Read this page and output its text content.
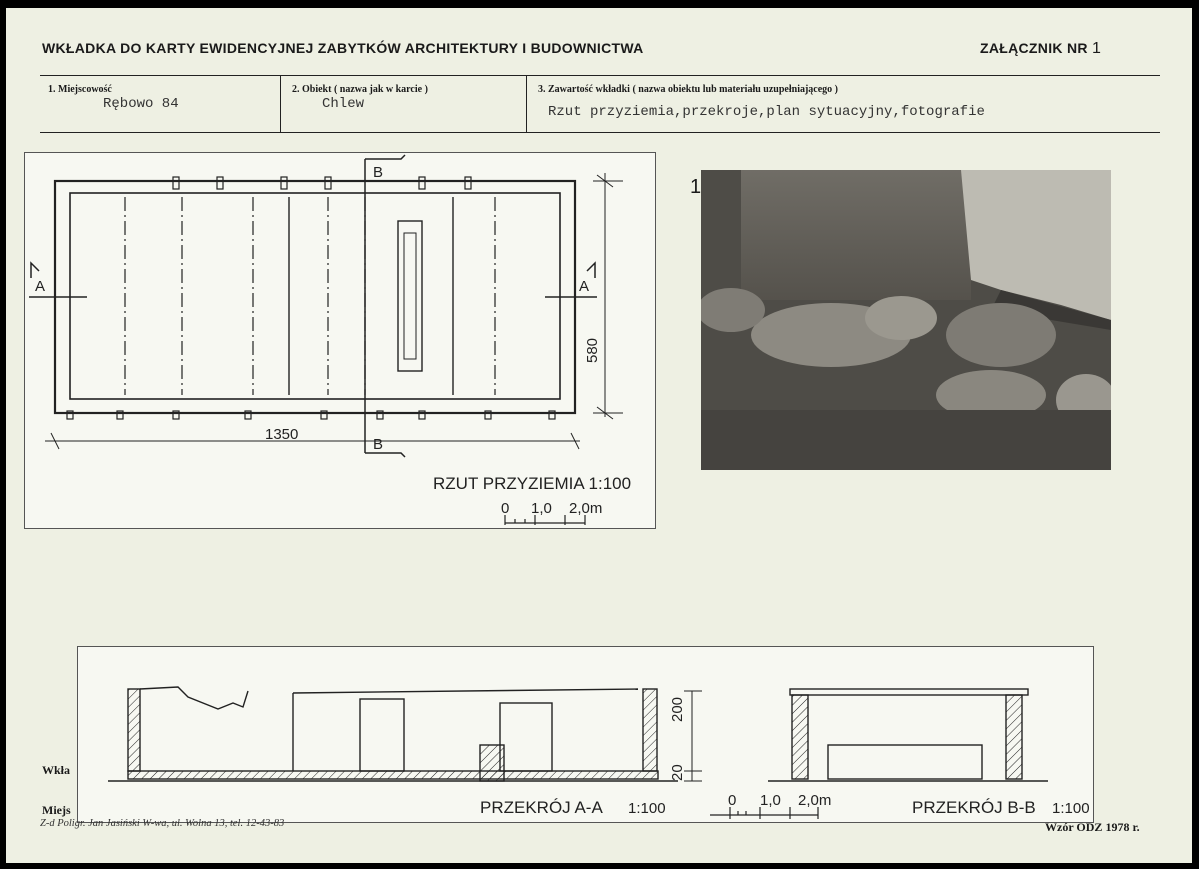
WKŁADKA DO KARTY EWIDENCYJNEJ ZABYTKÓW ARCHITEKTURY I BUDOWNICTWA	ZAŁĄCZNIK NR 1
1. Miejscowość
Rębowo 84
2. Obiekt ( nazwa jak w karcie )
Chlew
3. Zawartość wkładki ( nazwa obiektu lub materiału uzupełniającego )
Rzut przyziemia,przekroje,plan sytuacyjny,fotografie
A	A
B
B
1350
580
RZUT PRZYZIEMIA 1:100
0 1,0 2,0m
1
200
20
PRZEKRÓJ A-A 1:100	PRZEKRÓJ B-B 1:100
0 1,0 2,0m
Wkła
Miejs
Z-d Poligr. Jan Jasiński W-wa, ul. Wolna 13, tel. 12-43-83	Wzór ODZ 1978 r.
